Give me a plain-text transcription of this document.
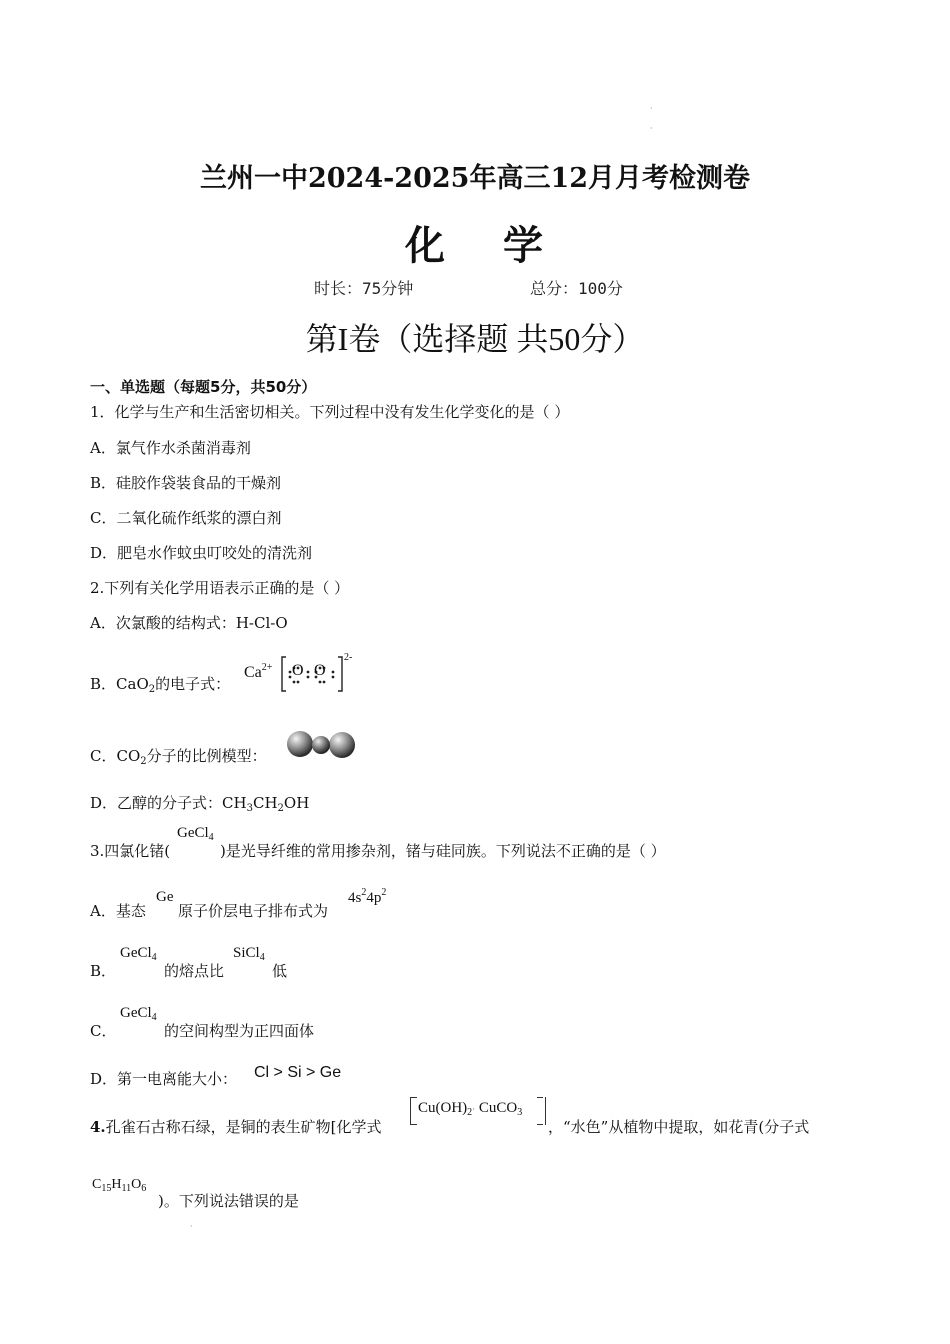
·
·
·
兰州一中2024-2025年高三12月月考检测卷
化 学
时长：75分钟	总分：100分
第I卷（选择题 共50分）
一、单选题（每题5分，共50分）
1．化学与生产和生活密切相关。下列过程中没有发生化学变化的是（ ）
A．氯气作水杀菌消毒剂
B．硅胶作袋装食品的干燥剂
C．二氧化硫作纸浆的漂白剂
D．肥皂水作蚊虫叮咬处的清洗剂
2.下列有关化学用语表示正确的是（ ）
A．次氯酸的结构式：H-Cl-O
B．CaO$_2$的电子式：
$Ca^{2+}$ O O
2-
C．$CO_2$分子的比例模型：
D．乙醇的分子式：$CH_3CH_2OH$
3.四氯化锗(
GeCl$_4$
)是光导纤维的常用掺杂剂，锗与硅同族。下列说法不正确的是（ ）
A．基态
Ge
原子价层电子排布式为
$4s^24p^2$
B．
GeCl$_4$
的熔点比
SiCl$_4$
低
C．
GeCl$_4$
的空间构型为正四面体
D．第一电离能大小： Cl > Si > Ge
4.孔雀石古称石绿，是铜的表生矿物[化学式
$Cu(OH)_2\cdot$ CuCO$_3$
，“水色”从植物中提取，如花青(分子式
$C_{15}H_{11}O_6$
)。下列说法错误的是
